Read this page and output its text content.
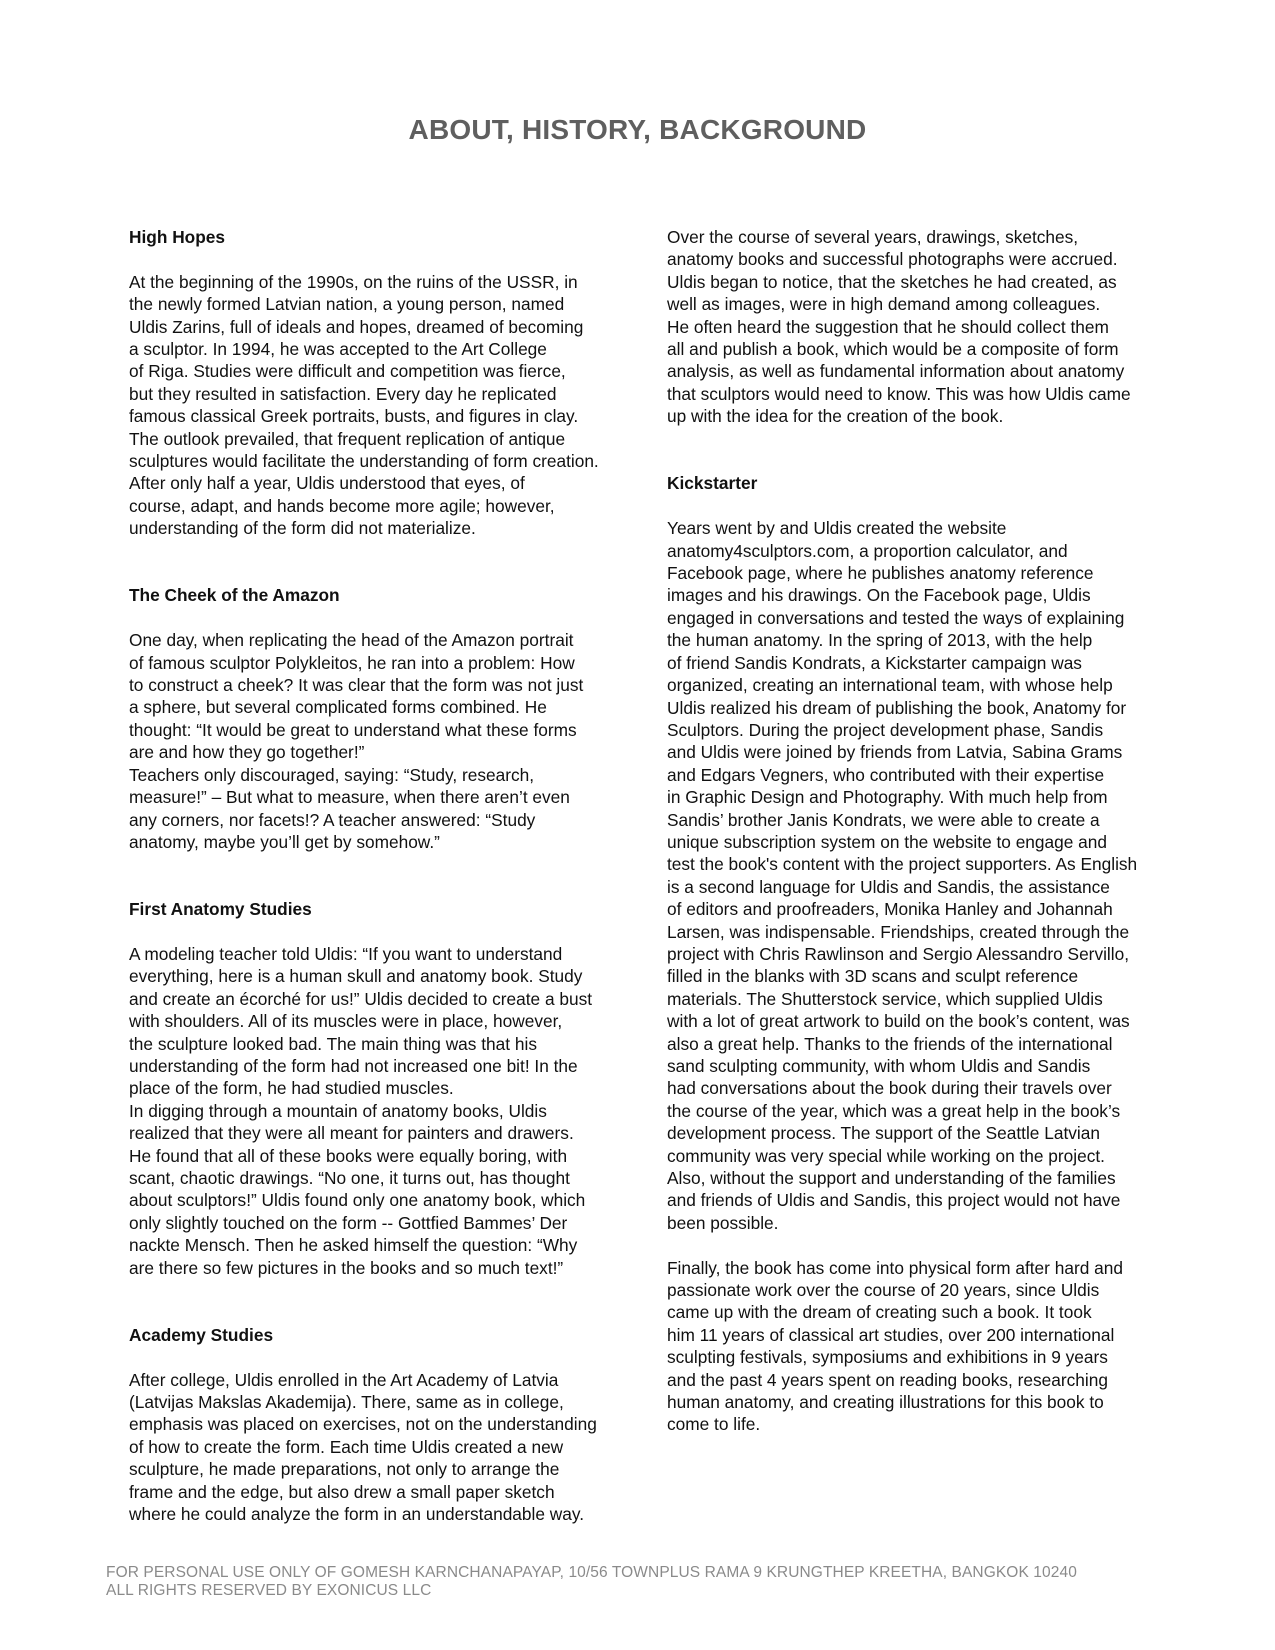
ABOUT, HISTORY, BACKGROUND
High Hopes

At the beginning of the 1990s, on the ruins of the USSR, in
the newly formed Latvian nation, a young person, named
Uldis Zarins, full of ideals and hopes, dreamed of becoming
a sculptor. In 1994, he was accepted to the Art College
of Riga. Studies were difficult and competition was fierce,
but they resulted in satisfaction. Every day he replicated
famous classical Greek portraits, busts, and figures in clay.
The outlook prevailed, that frequent replication of antique
sculptures would facilitate the understanding of form creation.
After only half a year, Uldis understood that eyes, of
course, adapt, and hands become more agile; however,
understanding of the form did not materialize.

The Cheek of the Amazon

One day, when replicating the head of the Amazon portrait
of famous sculptor Polykleitos, he ran into a problem: How
to construct a cheek? It was clear that the form was not just
a sphere, but several complicated forms combined. He
thought: “It would be great to understand what these forms
are and how they go together!”
Teachers only discouraged, saying: “Study, research,
measure!” – But what to measure, when there aren’t even
any corners, nor facets!? A teacher answered: “Study
anatomy, maybe you’ll get by somehow.”

First Anatomy Studies

A modeling teacher told Uldis: “If you want to understand
everything, here is a human skull and anatomy book. Study
and create an écorché for us!” Uldis decided to create a bust
with shoulders. All of its muscles were in place, however,
the sculpture looked bad. The main thing was that his
understanding of the form had not increased one bit! In the
place of the form, he had studied muscles.
In digging through a mountain of anatomy books, Uldis
realized that they were all meant for painters and drawers.
He found that all of these books were equally boring, with
scant, chaotic drawings. “No one, it turns out, has thought
about sculptors!” Uldis found only one anatomy book, which
only slightly touched on the form -- Gottfied Bammes’ Der
nackte Mensch. Then he asked himself the question: “Why
are there so few pictures in the books and so much text!”

Academy Studies

After college, Uldis enrolled in the Art Academy of Latvia
(Latvijas Makslas Akademija). There, same as in college,
emphasis was placed on exercises, not on the understanding
of how to create the form. Each time Uldis created a new
sculpture, he made preparations, not only to arrange the
frame and the edge, but also drew a small paper sketch
where he could analyze the form in an understandable way.

Over the course of several years, drawings, sketches,
anatomy books and successful photographs were accrued.
Uldis began to notice, that the sketches he had created, as
well as images, were in high demand among colleagues.
He often heard the suggestion that he should collect them
all and publish a book, which would be a composite of form
analysis, as well as fundamental information about anatomy
that sculptors would need to know. This was how Uldis came
up with the idea for the creation of the book.

Kickstarter

Years went by and Uldis created the website
anatomy4sculptors.com, a proportion calculator, and
Facebook page, where he publishes anatomy reference
images and his drawings. On the Facebook page, Uldis
engaged in conversations and tested the ways of explaining
the human anatomy. In the spring of 2013, with the help
of friend Sandis Kondrats, a Kickstarter campaign was
organized, creating an international team, with whose help
Uldis realized his dream of publishing the book, Anatomy for
Sculptors. During the project development phase, Sandis
and Uldis were joined by friends from Latvia, Sabina Grams
and Edgars Vegners, who contributed with their expertise
in Graphic Design and Photography. With much help from
Sandis’ brother Janis Kondrats, we were able to create a
unique subscription system on the website to engage and
test the book's content with the project supporters. As English
is a second language for Uldis and Sandis, the assistance
of editors and proofreaders, Monika Hanley and Johannah
Larsen, was indispensable. Friendships, created through the
project with Chris Rawlinson and Sergio Alessandro Servillo,
filled in the blanks with 3D scans and sculpt reference
materials. The Shutterstock service, which supplied Uldis
with a lot of great artwork to build on the book’s content, was
also a great help. Thanks to the friends of the international
sand sculpting community, with whom Uldis and Sandis
had conversations about the book during their travels over
the course of the year, which was a great help in the book’s
development process. The support of the Seattle Latvian
community was very special while working on the project.
Also, without the support and understanding of the families
and friends of Uldis and Sandis, this project would not have
been possible.

Finally, the book has come into physical form after hard and
passionate work over the course of 20 years, since Uldis
came up with the dream of creating such a book. It took
him 11 years of classical art studies, over 200 international
sculpting festivals, symposiums and exhibitions in 9 years
and the past 4 years spent on reading books, researching
human anatomy, and creating illustrations for this book to
come to life.

FOR PERSONAL USE ONLY OF GOMESH KARNCHANAPAYAP, 10/56 TOWNPLUS RAMA 9 KRUNGTHEP KREETHA, BANGKOK 10240
ALL RIGHTS RESERVED BY EXONICUS LLC
